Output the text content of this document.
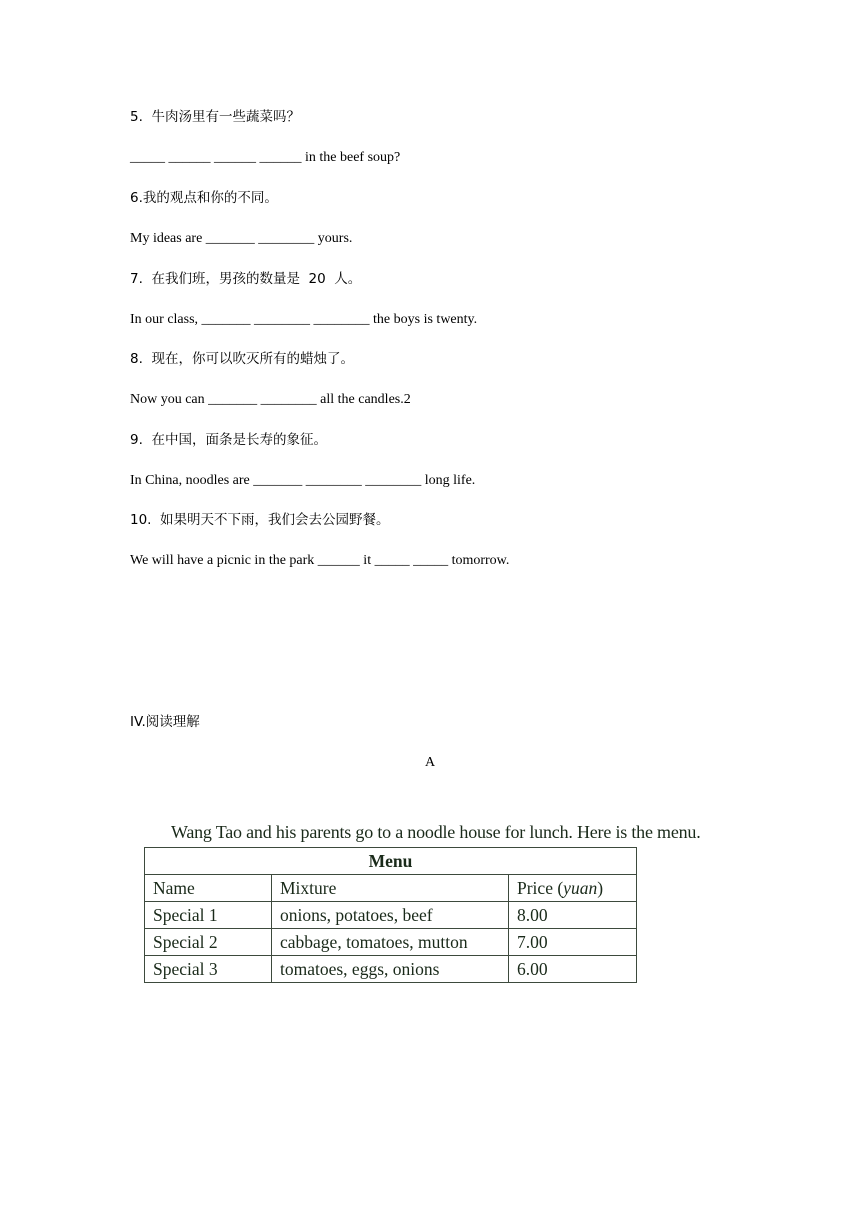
5.  牛肉汤里有一些蔬菜吗？
_____ ______ ______ ______ in the beef soup?
6.我的观点和你的不同。
My ideas are _______ ________ yours.
7.  在我们班，男孩的数量是  20  人。
In our class, _______ ________ ________ the boys is twenty.
8.  现在，你可以吹灭所有的蜡烛了。
Now you can _______ ________ all the candles.2
9.  在中国，面条是长寿的象征。
In China, noodles are _______ ________ ________ long life.
10.  如果明天不下雨，我们会去公园野餐。
We will have a picnic in the park ______ it _____ _____ tomorrow.
IV.阅读理解
A
Wang Tao and his parents go to a noodle house for lunch. Here is the menu.
Menu		
Name	Mixture	Price (yuan)
Special 1	onions, potatoes, beef	8.00
Special 2	cabbage, tomatoes, mutton	7.00
Special 3	tomatoes, eggs, onions	6.00
